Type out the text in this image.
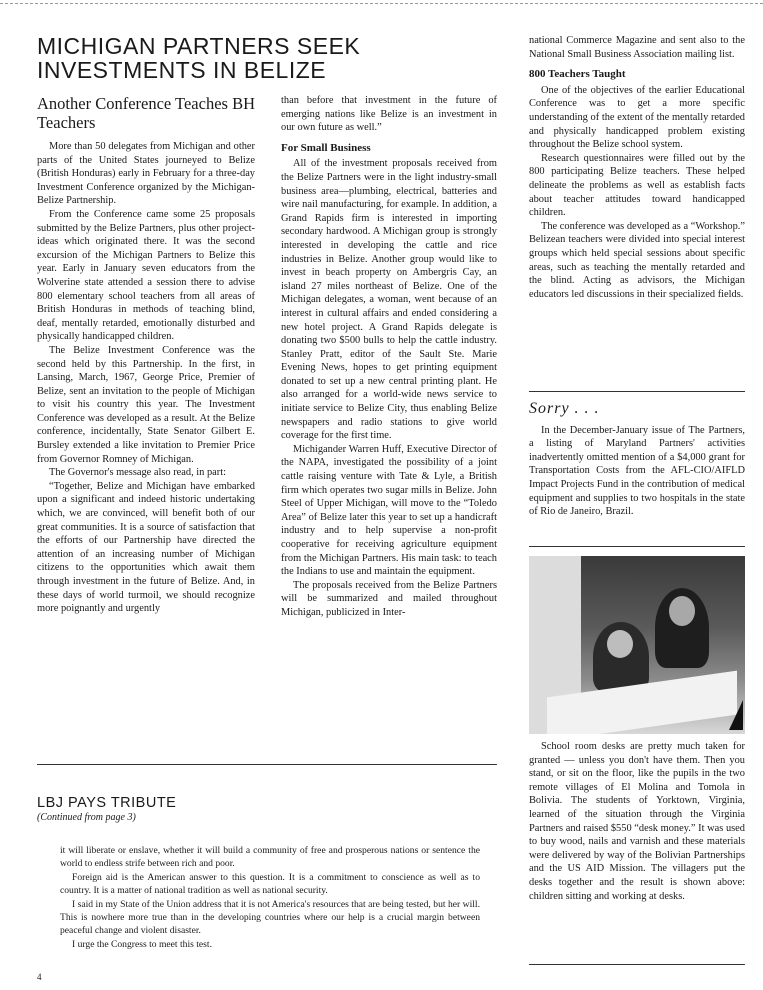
MICHIGAN PARTNERS SEEK INVESTMENTS IN BELIZE
Another Conference Teaches BH Teachers

More than 50 delegates from Michigan and other parts of the United States journeyed to Belize (British Honduras) early in February for a three-day Investment Conference organized by the Michigan-Belize Partnership.

From the Conference came some 25 proposals submitted by the Belize Partners, plus other project-ideas which originated there. It was the second excursion of the Michigan Partners to Belize this year. Early in January seven educators from the Wolverine state attended a session there to advise 800 elementary school teachers from all areas of British Honduras in methods of teaching blind, deaf, mentally retarded, emotionally disturbed and physically handicapped children.

The Belize Investment Conference was the second held by this Partnership. In the first, in Lansing, March, 1967, George Price, Premier of Belize, sent an invitation to the people of Michigan to visit his country this year. The Investment Conference was developed as a result. At the Belize conference, incidentally, State Senator Gilbert E. Bursley extended a like invitation to Premier Price from Governor Romney of Michigan.

The Governor's message also read, in part:

“Together, Belize and Michigan have embarked upon a significant and indeed historic undertaking which, we are convinced, will benefit both of our great communities. It is a source of satisfaction that the efforts of our Partnership have directed the attention of an increasing number of Michigan citizens to the opportunities which await them through investment in the future of Belize. And, in these days of world turmoil, we should recognize more poignantly and urgently

than before that investment in the future of emerging nations like Belize is an investment in our own future as well.”

For Small Business

All of the investment proposals received from the Belize Partners were in the light industry-small business area—plumbing, electrical, batteries and wire nail manufacturing, for example. In addition, a Grand Rapids firm is interested in importing secondary hardwood. A Michigan group is strongly interested in developing the cattle and rice industries in Belize. Another group would like to invest in beach property on Ambergris Cay, an island 27 miles northeast of Belize. One of the Michigan delegates, a woman, went because of an interest in cultural affairs and ended considering a new hotel project. A Grand Rapids delegate is donating two $500 bulls to help the cattle industry. Stanley Pratt, editor of the Sault Ste. Marie Evening News, hopes to get printing equipment donated to set up a new central printing plant. He also arranged for a world-wide news service to initiate service to Belize City, thus enabling Belize newspapers and radio stations to give world coverage for the first time.

Michigander Warren Huff, Executive Director of the NAPA, investigated the possibility of a joint cattle raising venture with Tate & Lyle, a British firm which operates two sugar mills in Belize. John Steel of Upper Michigan, will move to the “Toledo Area” of Belize later this year to set up a handicraft industry and to help supervise a non-profit cooperative for receiving agriculture equipment from the Michigan Partners. His main task: to teach the Indians to use and maintain the equipment.

The proposals received from the Belize Partners will be summarized and mailed throughout Michigan, publicized in Inter-

national Commerce Magazine and sent also to the National Small Business Association mailing list.

800 Teachers Taught

One of the objectives of the earlier Educational Conference was to get a more specific understanding of the extent of the mentally retarded and physically handicapped problem existing throughout the Belize school system.

Research questionnaires were filled out by the 800 participating Belize teachers. These helped delineate the problems as well as establish facts about teacher attitudes toward handicapped children.

The conference was developed as a “Workshop.” Belizean teachers were divided into special interest groups which held special sessions about specific areas, such as teaching the mentally retarded and the blind. Acting as advisors, the Michigan educators led discussions in their specialized fields.

Sorry . . .

In the December-January issue of The Partners, a listing of Maryland Partners' activities inadvertently omitted mention of a $4,000 grant for Transportation Costs from the AFL-CIO/AIFLD Impact Projects Fund in the contribution of medical equipment and supplies to two hospitals in the state of Rio de Janeiro, Brazil.

School room desks are pretty much taken for granted — unless you don't have them. Then you stand, or sit on the floor, like the pupils in the two remote villages of El Molina and Tomola in Bolivia. The students of Yorktown, Virginia, learned of the situation through the Virginia Partners and raised $550 “desk money.” It was used to buy wood, nails and varnish and these materials were delivered by way of the Bolivian Partnerships and the US AID Mission. The villagers put the desks together and the result is shown above: children sitting and working at desks.

LBJ PAYS TRIBUTE
(Continued from page 3)

it will liberate or enslave, whether it will build a community of free and prosperous nations or sentence the world to endless strife between rich and poor.

Foreign aid is the American answer to this question. It is a commitment to conscience as well as to country. It is a matter of national tradition as well as national security.

I said in my State of the Union address that it is not America's resources that are being tested, but her will. This is nowhere more true than in the developing countries where our help is a crucial margin between peaceful change and violent disaster.

I urge the Congress to meet this test.

4
